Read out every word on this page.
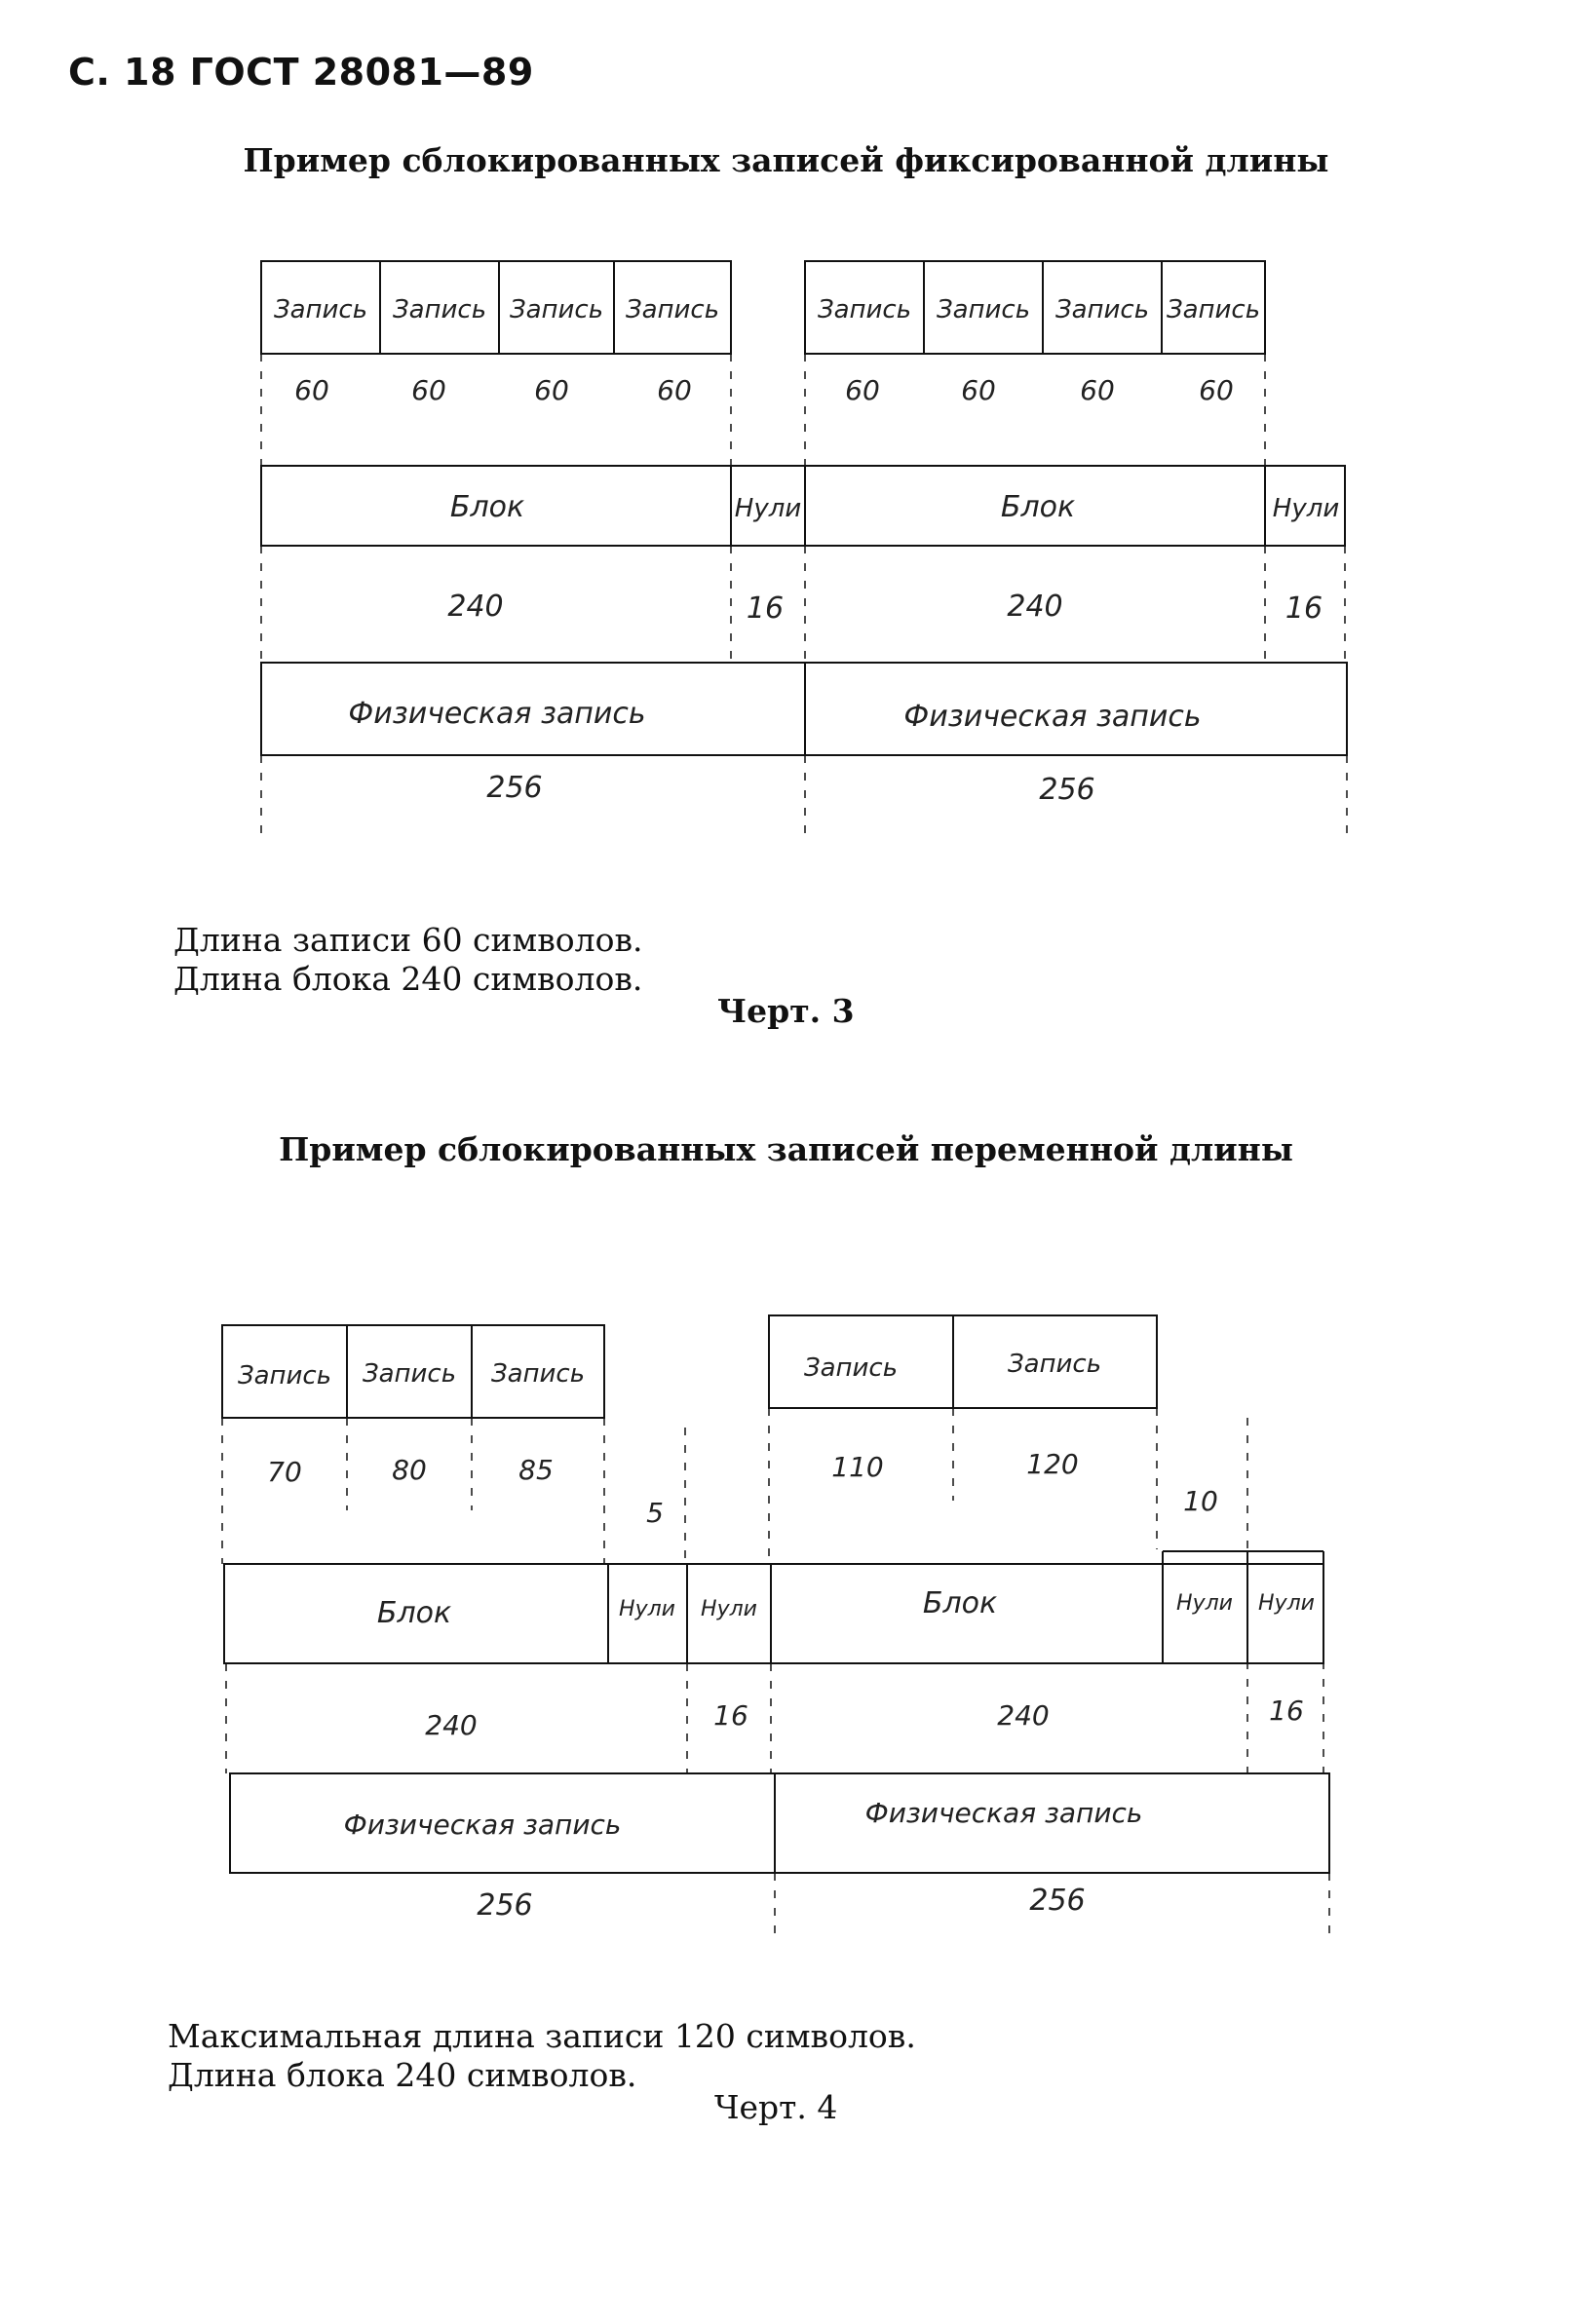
С. 18 ГОСТ 28081—89
Пример сблокированных записей фиксированной длины
Запись Запись Запись Запись	Запись Запись Запись Запись
60	60	60	60	60	60	60	60
Блок	Блок
Нули	Нули
240	16	240	16
Физическая запись	Физическая запись
256	256
Длина записи 60 символов.
Длина блока 240 символов.
Черт. 3
Пример сблокированных записей переменной длины
Запись Запись Запись	Запись	Запись
70	80	85
5
110	120
10
Блок	Блок
Нули Нули	Нули Нули
240	16	240	16
Физическая запись	Физическая запись
256	256
Максимальная длина записи 120 символов.
Длина блока 240 символов.
Черт. 4
